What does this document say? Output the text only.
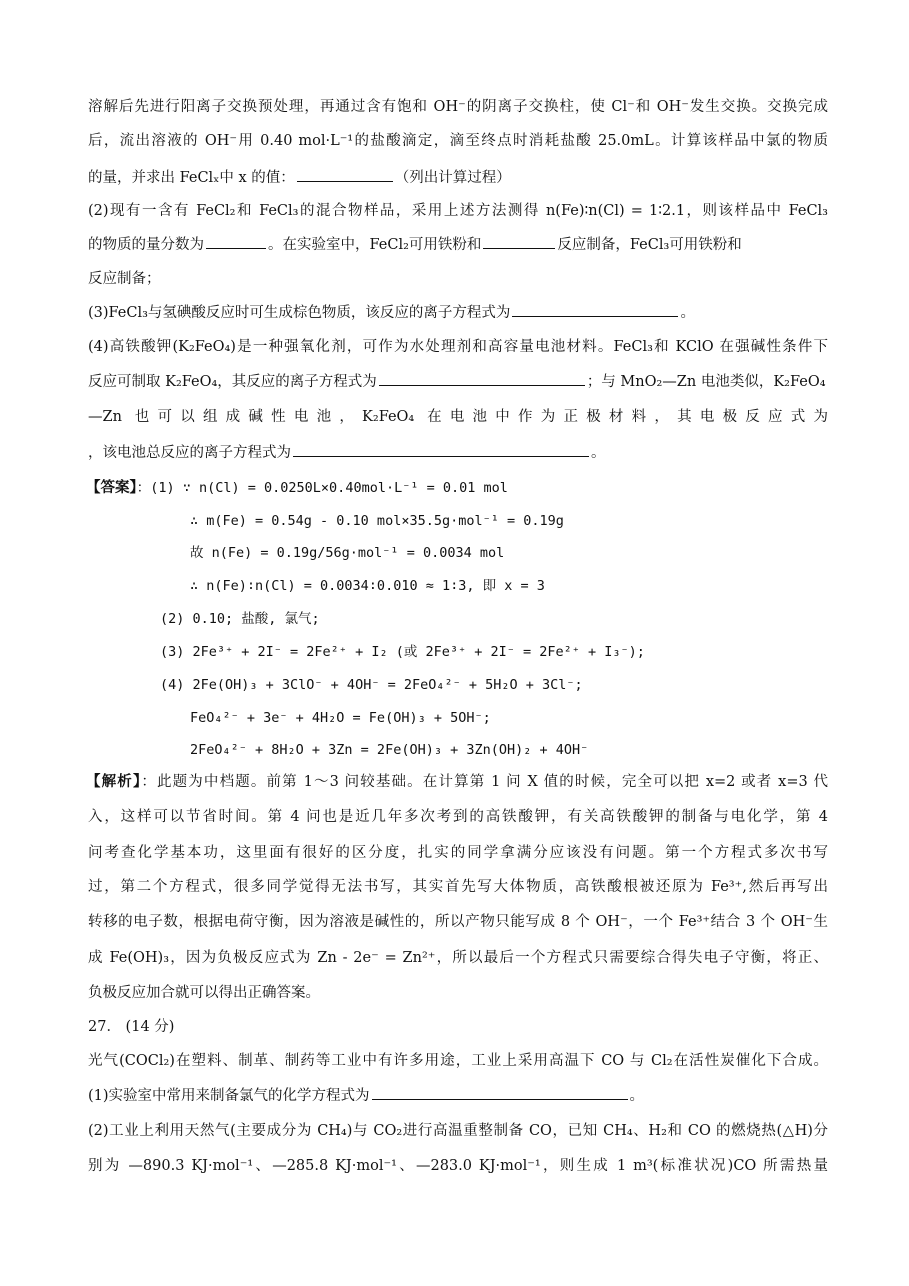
溶解后先进行阳离子交换预处理，再通过含有饱和 OH⁻的阴离子交换柱，使 Cl⁻和 OH⁻发生交换。交换完成
后，流出溶液的 OH⁻用 0.40 mol·L⁻¹的盐酸滴定，滴至终点时消耗盐酸 25.0mL。计算该样品中氯的物质
的量，并求出 FeClₓ中 x 的值：	（列出计算过程）
(2)现有一含有 FeCl₂和 FeCl₃的混合物样品，采用上述方法测得 n(Fe)∶n(Cl) = 1∶2.1，则该样品中 FeCl₃
的物质的量分数为	。在实验室中，FeCl₂可用铁粉和	反应制备，FeCl₃可用铁粉和
反应制备；
(3)FeCl₃与氢碘酸反应时可生成棕色物质，该反应的离子方程式为	。
(4)高铁酸钾(K₂FeO₄)是一种强氧化剂，可作为水处理剂和高容量电池材料。FeCl₃和 KClO 在强碱性条件下
反应可制取 K₂FeO₄，其反应的离子方程式为	；与 MnO₂—Zn 电池类似，K₂FeO₄
—Zn 也可以组成碱性电池，K₂FeO₄ 在电池中作为正极材料，其电极反应式为
，该电池总反应的离子方程式为	。
【答案】：(1) ∵ n(Cl) = 0.0250L×0.40mol·L⁻¹ = 0.01 mol
∴ m(Fe) = 0.54g - 0.10 mol×35.5g·mol⁻¹ = 0.19g
故 n(Fe) = 0.19g/56g·mol⁻¹ = 0.0034 mol
∴ n(Fe)∶n(Cl) = 0.0034∶0.010 ≈ 1∶3, 即 x = 3
(2) 0.10; 盐酸, 氯气;
(3) 2Fe³⁺ + 2I⁻ = 2Fe²⁺ + I₂ (或 2Fe³⁺ + 2I⁻ = 2Fe²⁺ + I₃⁻);
(4) 2Fe(OH)₃ + 3ClO⁻ + 4OH⁻ = 2FeO₄²⁻ + 5H₂O + 3Cl⁻;
FeO₄²⁻ + 3e⁻ + 4H₂O = Fe(OH)₃ + 5OH⁻;
2FeO₄²⁻ + 8H₂O + 3Zn = 2Fe(OH)₃ + 3Zn(OH)₂ + 4OH⁻
【解析】：此题为中档题。前第 1～3 问较基础。在计算第 1 问 X 值的时候，完全可以把 x=2 或者 x=3 代
入，这样可以节省时间。第 4 问也是近几年多次考到的高铁酸钾，有关高铁酸钾的制备与电化学，第 4
问考查化学基本功，这里面有很好的区分度，扎实的同学拿满分应该没有问题。第一个方程式多次书写
过，第二个方程式，很多同学觉得无法书写，其实首先写大体物质，高铁酸根被还原为 Fe³⁺,然后再写出
转移的电子数，根据电荷守衡，因为溶液是碱性的，所以产物只能写成 8 个 OH⁻，一个 Fe³⁺结合 3 个 OH⁻生
成 Fe(OH)₃，因为负极反应式为 Zn - 2e⁻ = Zn²⁺，所以最后一个方程式只需要综合得失电子守衡，将正、
负极反应加合就可以得出正确答案。
27． (14 分)
光气(COCl₂)在塑料、制革、制药等工业中有许多用途，工业上采用高温下 CO 与 Cl₂在活性炭催化下合成。
(1)实验室中常用来制备氯气的化学方程式为	。
(2)工业上利用天然气(主要成分为 CH₄)与 CO₂进行高温重整制备 CO，已知 CH₄、H₂和 CO 的燃烧热(△H)分
别为 —890.3 KJ·mol⁻¹、—285.8 KJ·mol⁻¹、—283.0 KJ·mol⁻¹，则生成 1 m³(标准状况)CO 所需热量
